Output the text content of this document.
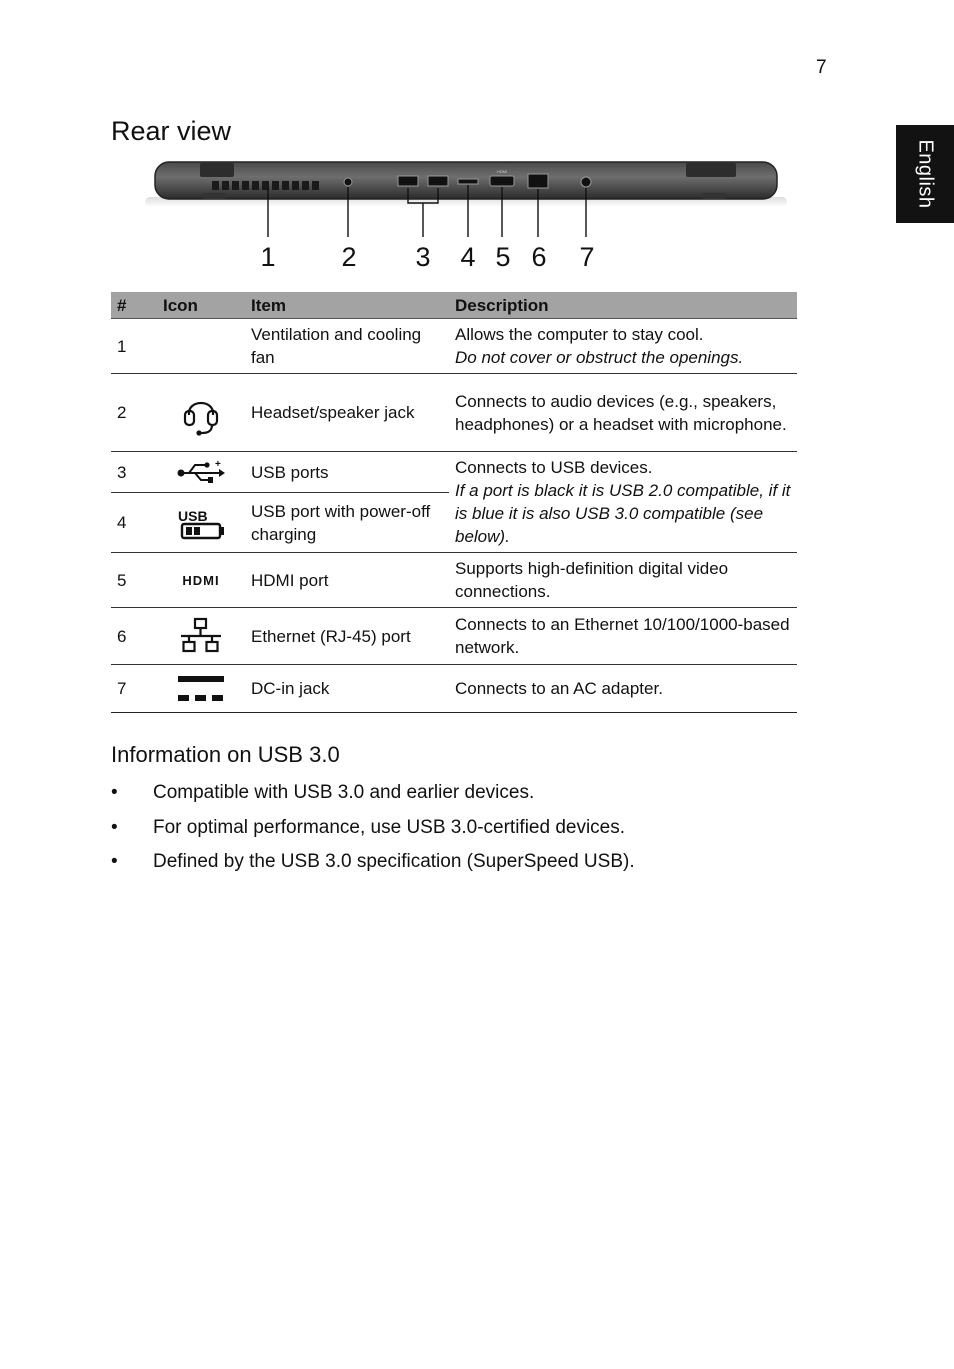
7
English
Rear view
HDMI
1 2 3 4 5 6 7
#	Icon	Item	Description
1		Ventilation and cooling fan	Allows the computer to stay cool.
Do not cover or obstruct the openings.

2		Headset/speaker jack	Connects to audio devices (e.g., speakers, headphones) or a headset with microphone.
3	+	USB ports	Connects to USB devices.
If a port is black it is USB 2.0 compatible, if it is blue it is also USB 3.0 compatible (see below).

4	USB	USB port with power-off charging	
5	HDMI	HDMI port	Supports high-definition digital video connections.
6		Ethernet (RJ-45) port	Connects to an Ethernet 10/100/1000-based network.
7		DC-in jack	Connects to an AC adapter.
Information on USB 3.0
• Compatible with USB 3.0 and earlier devices.
• For optimal performance, use USB 3.0-certified devices.
• Defined by the USB 3.0 specification (SuperSpeed USB).
